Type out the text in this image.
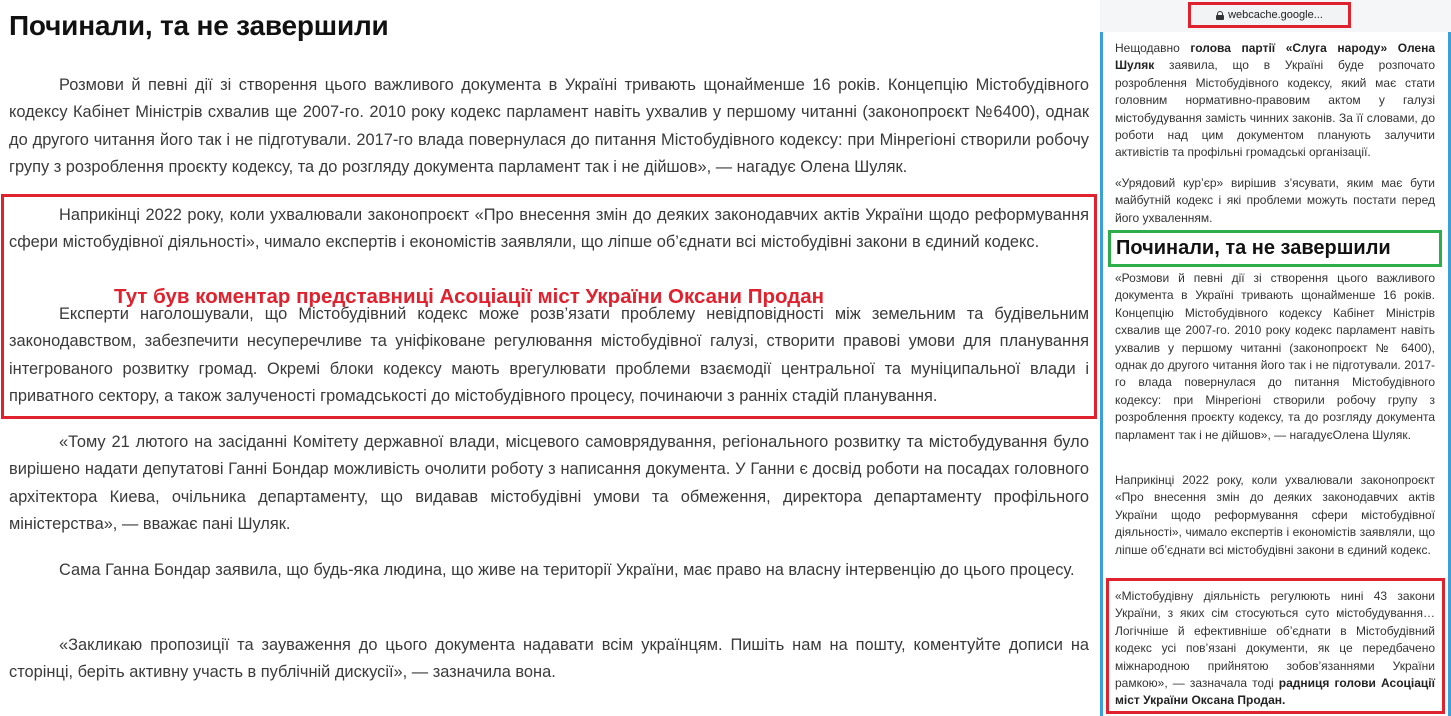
Починали, та не завершили

Розмови й певні дії зі створення цього важливого документа в Україні тривають щонайменше 16 років. Концепцію Містобудівного кодексу Кабінет Міністрів схвалив ще 2007-го. 2010 року кодекс парламент навіть ухвалив у першому читанні (законопроєкт №6400), однак до другого читання його так і не підготували. 2017-го влада повернулася до питання Містобудівного кодексу: при Мінрегіоні створили робочу групу з розроблення проєкту кодексу, та до розгляду документа парламент так і не дійшов», — нагадує Олена Шуляк.

Наприкінці 2022 року, коли ухвалювали законопроєкт «Про внесення змін до деяких законодавчих актів України щодо реформування сфери містобудівної діяльності», чимало експертів і економістів заявляли, що ліпше об’єднати всі містобудівні закони в єдиний кодекс.

Тут був коментар представниці Асоціації міст України Оксани Продан

Експерти наголошували, що Містобудівний кодекс може розв’язати проблему невідповідності між земельним та будівельним законодавством, забезпечити несуперечливе та уніфіковане регулювання містобудівної галузі, створити правові умови для планування інтегрованого розвитку громад. Окремі блоки кодексу мають врегулювати проблеми взаємодії центральної та муніципальної влади і приватного сектору, а також залученості громадськості до містобудівного процесу, починаючи з ранніх стадій планування.

«Тому 21 лютого на засіданні Комітету державної влади, місцевого самоврядування, регіонального розвитку та містобудування було вирішено надати депутатові Ганні Бондар можливість очолити роботу з написання документа. У Ганни є досвід роботи на посадах головного архітектора Киева, очільника департаменту, що видавав містобудівні умови та обмеження, директора департаменту профільного міністерства», — вважає пані Шуляк.

Сама Ганна Бондар заявила, що будь-яка людина, що живе на території України, має право на власну інтервенцію до цього процесу.

«Закликаю пропозиції та зауваження до цього документа надавати всім українцям. Пишіть нам на пошту, коментуйте дописи на сторінці, беріть активну участь в публічній дискусії», — зазначила вона.

webcache.google...

Нещодавно голова партії «Слуга народу» Олена Шуляк заявила, що в Україні буде розпочато розроблення Містобудівного кодексу, який має стати головним нормативно-правовим актом у галузі містобудування замість чинних законів. За її словами, до роботи над цим документом планують залучити активістів та профільні громадські організації.

«Урядовий кур’єр» вирішив з’ясувати, яким має бути майбутній кодекс і які проблеми можуть постати перед його ухваленням.

Починали, та не завершили

«Розмови й певні дії зі створення цього важливого документа в Україні тривають щонайменше 16 років. Концепцію Містобудівного кодексу Кабінет Міністрів схвалив ще 2007-го. 2010 року кодекс парламент навіть ухвалив у першому читанні (законопроєкт № 6400), однак до другого читання його так і не підготували. 2017-го влада повернулася до питання Містобудівного кодексу: при Мінрегіоні створили робочу групу з розроблення проєкту кодексу, та до розгляду документа парламент так і не дійшов», — нагадуєОлена Шуляк.

Наприкінці 2022 року, коли ухвалювали законопроєкт «Про внесення змін до деяких законодавчих актів України щодо реформування сфери містобудівної діяльності», чимало експертів і економістів заявляли, що ліпше об’єднати всі містобудівні закони в єдиний кодекс.

«Містобудівну діяльність регулюють нині 43 закони України, з яких сім стосуються суто містобудування… Логічніше й ефективніше об’єднати в Містобудівний кодекс усі пов’язані документи, як це передбачено міжнародною прийнятою зобов’язаннями України рамкою», — зазначала тоді радниця голови Асоціації міст України Оксана Продан.
